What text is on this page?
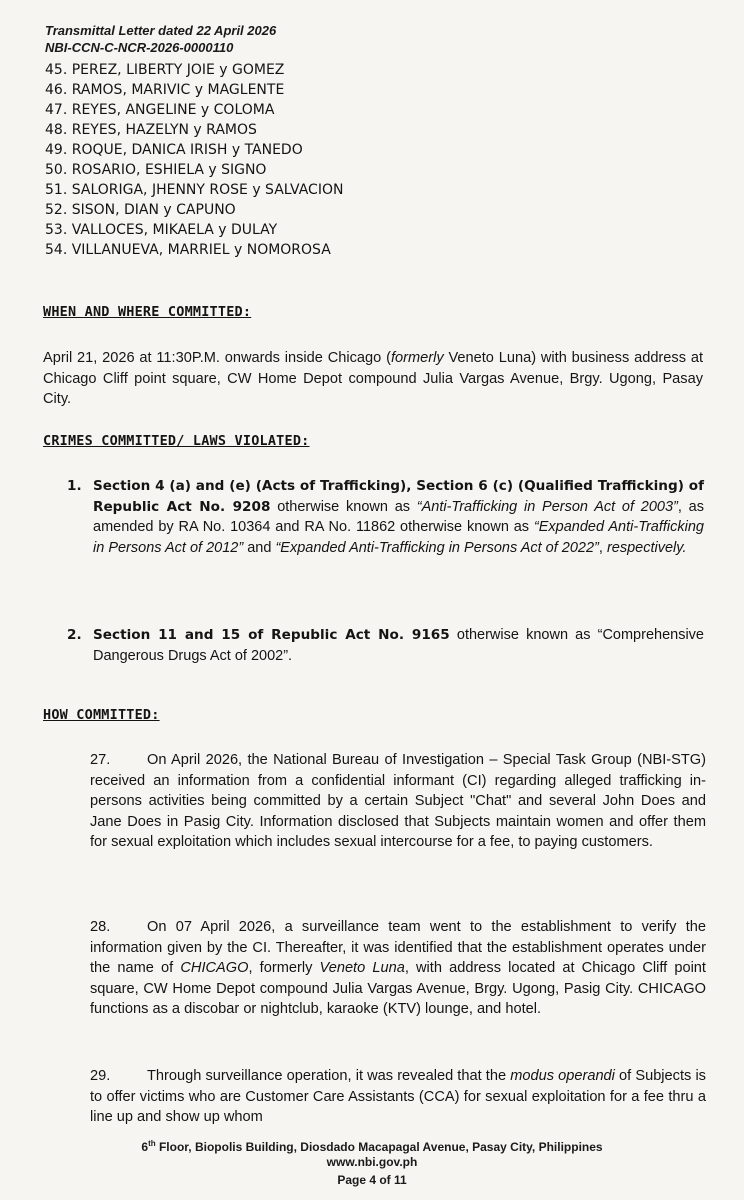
Transmittal Letter dated 22 April 2026
NBI-CCN-C-NCR-2026-0000110
45. PEREZ, LIBERTY JOIE y GOMEZ
46. RAMOS, MARIVIC y MAGLENTE
47. REYES, ANGELINE y COLOMA
48. REYES, HAZELYN y RAMOS
49. ROQUE, DANICA IRISH y TANEDO
50. ROSARIO, ESHIELA y SIGNO
51. SALORIGA, JHENNY ROSE y SALVACION
52. SISON, DIAN y CAPUNO
53. VALLOCES, MIKAELA y DULAY
54. VILLANUEVA, MARRIEL y NOMOROSA
WHEN AND WHERE COMMITTED:
April 21, 2026 at 11:30P.M. onwards inside Chicago (formerly Veneto Luna) with business address at Chicago Cliff point square, CW Home Depot compound Julia Vargas Avenue, Brgy. Ugong, Pasay City.
CRIMES COMMITTED/ LAWS VIOLATED:
1. Section 4 (a) and (e) (Acts of Trafficking), Section 6 (c) (Qualified Trafficking) of Republic Act No. 9208 otherwise known as “Anti-Trafficking in Person Act of 2003”, as amended by RA No. 10364 and RA No. 11862 otherwise known as “Expanded Anti-Trafficking in Persons Act of 2012” and “Expanded Anti-Trafficking in Persons Act of 2022”, respectively.
2. Section 11 and 15 of Republic Act No. 9165 otherwise known as “Comprehensive Dangerous Drugs Act of 2002”.
HOW COMMITTED:
27.	On April 2026, the National Bureau of Investigation – Special Task Group (NBI-STG) received an information from a confidential informant (CI) regarding alleged trafficking in-persons activities being committed by a certain Subject "Chat" and several John Does and Jane Does in Pasig City. Information disclosed that Subjects maintain women and offer them for sexual exploitation which includes sexual intercourse for a fee, to paying customers.
28.	On 07 April 2026, a surveillance team went to the establishment to verify the information given by the CI. Thereafter, it was identified that the establishment operates under the name of CHICAGO, formerly Veneto Luna, with address located at Chicago Cliff point square, CW Home Depot compound Julia Vargas Avenue, Brgy. Ugong, Pasig City. CHICAGO functions as a discobar or nightclub, karaoke (KTV) lounge, and hotel.
29.	Through surveillance operation, it was revealed that the modus operandi of Subjects is to offer victims who are Customer Care Assistants (CCA) for sexual exploitation for a fee thru a line up and show up whom
6th Floor, Biopolis Building, Diosdado Macapagal Avenue, Pasay City, Philippines
www.nbi.gov.ph
Page 4 of 11
